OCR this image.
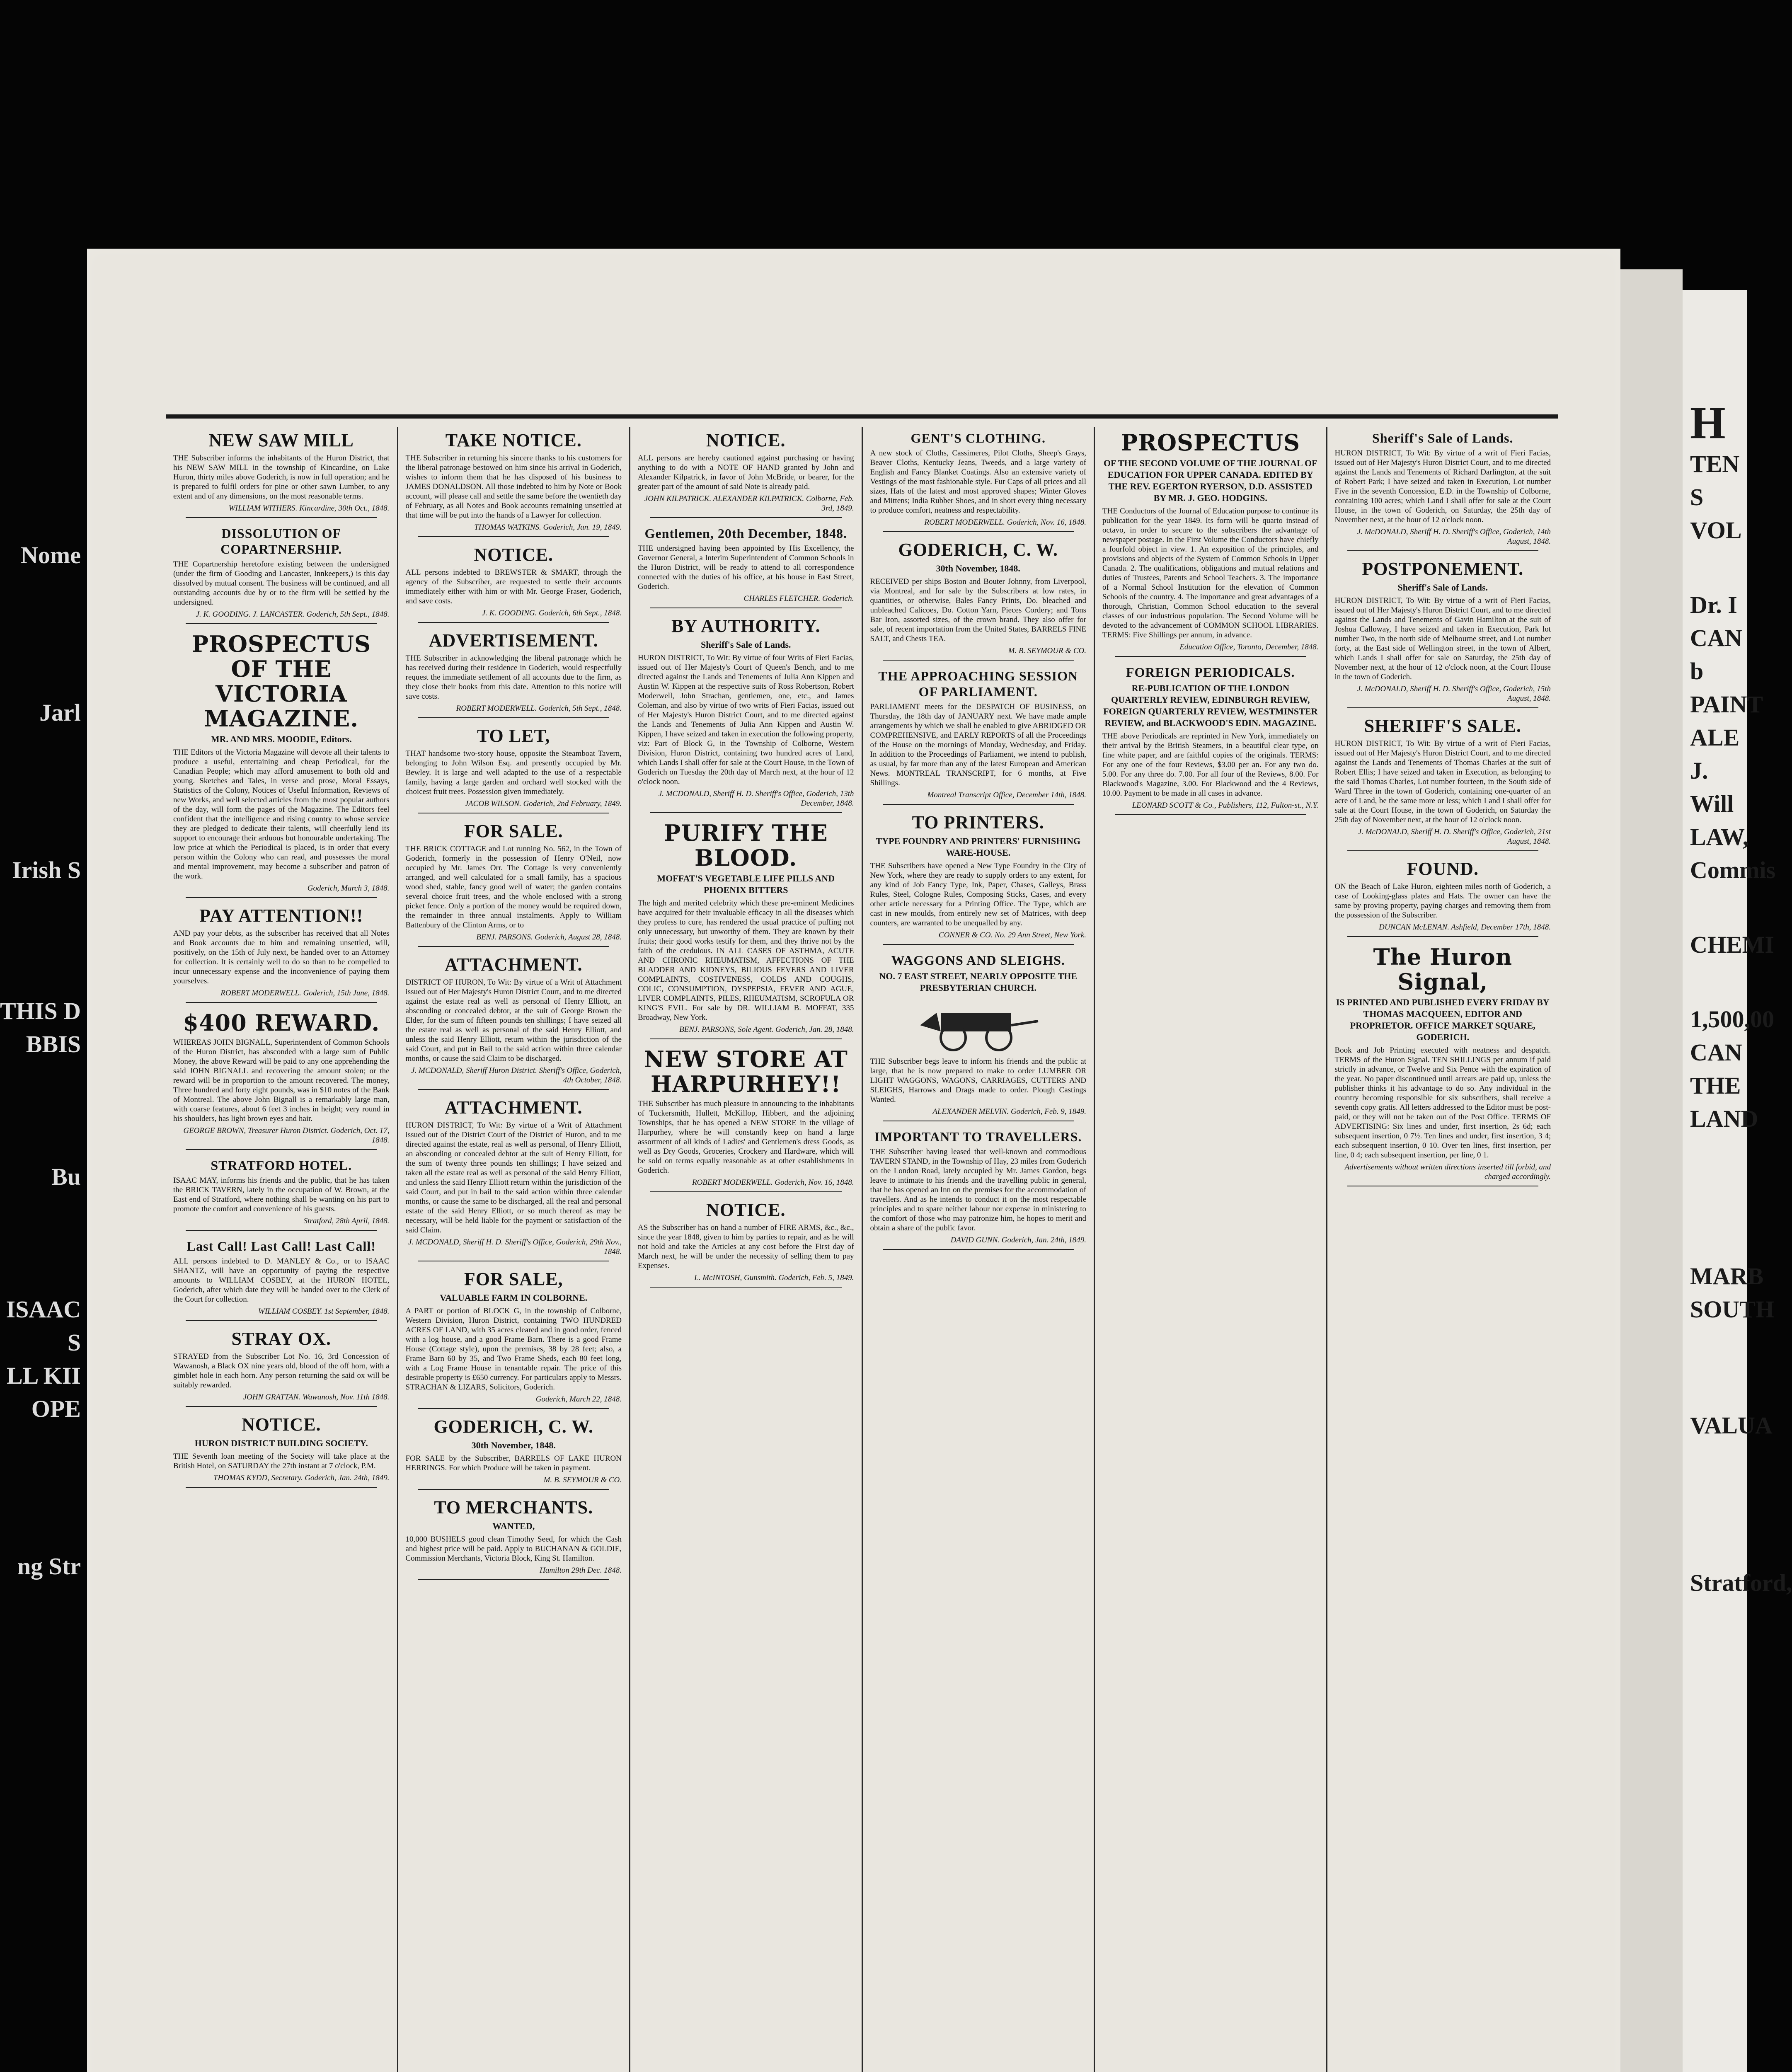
Nome
Jarl
Irish S
THIS D
BBIS
Bu
ISAAC S
LL KII
OPE
ng Str
H
TEN S
VOL
Dr. I
CAN b
PAINT
ALE
J.
Will
LAW,
Commis
CHEMI
1,500,00
CAN
THE
LAND
MARB
SOUTH
VALUA
Stratford,
NEW SAW MILL
THE Subscriber informs the inhabitants of the Huron District, that his NEW SAW MILL in the township of Kincardine, on Lake Huron, thirty miles above Goderich, is now in full operation; and he is prepared to fulfil orders for pine or other sawn Lumber, to any extent and of any dimensions, on the most reasonable terms.
WILLIAM WITHERS. Kincardine, 30th Oct., 1848.
DISSOLUTION OF COPARTNERSHIP.
THE Copartnership heretofore existing between the undersigned (under the firm of Gooding and Lancaster, Innkeepers,) is this day dissolved by mutual consent. The business will be continued, and all outstanding accounts due by or to the firm will be settled by the undersigned.
J. K. GOODING. J. LANCASTER. Goderich, 5th Sept., 1848.
PROSPECTUS OF THE VICTORIA MAGAZINE.
MR. AND MRS. MOODIE, Editors.
THE Editors of the Victoria Magazine will devote all their talents to produce a useful, entertaining and cheap Periodical, for the Canadian People; which may afford amusement to both old and young. Sketches and Tales, in verse and prose, Moral Essays, Statistics of the Colony, Notices of Useful Information, Reviews of new Works, and well selected articles from the most popular authors of the day, will form the pages of the Magazine. The Editors feel confident that the intelligence and rising country to whose service they are pledged to dedicate their talents, will cheerfully lend its support to encourage their arduous but honourable undertaking. The low price at which the Periodical is placed, is in order that every person within the Colony who can read, and possesses the moral and mental improvement, may become a subscriber and patron of the work.
Goderich, March 3, 1848.
PAY ATTENTION!!
AND pay your debts, as the subscriber has received that all Notes and Book accounts due to him and remaining unsettled, will, positively, on the 15th of July next, be handed over to an Attorney for collection. It is certainly well to do so than to be compelled to incur unnecessary expense and the inconvenience of paying them yourselves.
ROBERT MODERWELL. Goderich, 15th June, 1848.
$400 REWARD.
WHEREAS JOHN BIGNALL, Superintendent of Common Schools of the Huron District, has absconded with a large sum of Public Money, the above Reward will be paid to any one apprehending the said JOHN BIGNALL and recovering the amount stolen; or the reward will be in proportion to the amount recovered. The money, Three hundred and forty eight pounds, was in $10 notes of the Bank of Montreal. The above John Bignall is a remarkably large man, with coarse features, about 6 feet 3 inches in height; very round in his shoulders, has light brown eyes and hair.
GEORGE BROWN, Treasurer Huron District. Goderich, Oct. 17, 1848.
STRATFORD HOTEL.
ISAAC MAY, informs his friends and the public, that he has taken the BRICK TAVERN, lately in the occupation of W. Brown, at the East end of Stratford, where nothing shall be wanting on his part to promote the comfort and convenience of his guests.
Stratford, 28th April, 1848.
Last Call! Last Call! Last Call!
ALL persons indebted to D. MANLEY & Co., or to ISAAC SHANTZ, will have an opportunity of paying the respective amounts to WILLIAM COSBEY, at the HURON HOTEL, Goderich, after which date they will be handed over to the Clerk of the Court for collection.
WILLIAM COSBEY. 1st September, 1848.
STRAY OX.
STRAYED from the Subscriber Lot No. 16, 3rd Concession of Wawanosh, a Black OX nine years old, blood of the off horn, with a gimblet hole in each horn. Any person returning the said ox will be suitably rewarded.
JOHN GRATTAN. Wawanosh, Nov. 11th 1848.
NOTICE.
HURON DISTRICT BUILDING SOCIETY.
THE Seventh loan meeting of the Society will take place at the British Hotel, on SATURDAY the 27th instant at 7 o'clock, P.M.
THOMAS KYDD, Secretary. Goderich, Jan. 24th, 1849.
TAKE NOTICE.
THE Subscriber in returning his sincere thanks to his customers for the liberal patronage bestowed on him since his arrival in Goderich, wishes to inform them that he has disposed of his business to JAMES DONALDSON. All those indebted to him by Note or Book account, will please call and settle the same before the twentieth day of February, as all Notes and Book accounts remaining unsettled at that time will be put into the hands of a Lawyer for collection.
THOMAS WATKINS. Goderich, Jan. 19, 1849.
NOTICE.
ALL persons indebted to BREWSTER & SMART, through the agency of the Subscriber, are requested to settle their accounts immediately either with him or with Mr. George Fraser, Goderich, and save costs.
J. K. GOODING. Goderich, 6th Sept., 1848.
ADVERTISEMENT.
THE Subscriber in acknowledging the liberal patronage which he has received during their residence in Goderich, would respectfully request the immediate settlement of all accounts due to the firm, as they close their books from this date. Attention to this notice will save costs.
ROBERT MODERWELL. Goderich, 5th Sept., 1848.
TO LET,
THAT handsome two-story house, opposite the Steamboat Tavern, belonging to John Wilson Esq. and presently occupied by Mr. Bewley. It is large and well adapted to the use of a respectable family, having a large garden and orchard well stocked with the choicest fruit trees. Possession given immediately.
JACOB WILSON. Goderich, 2nd February, 1849.
FOR SALE.
THE BRICK COTTAGE and Lot running No. 562, in the Town of Goderich, formerly in the possession of Henry O'Neil, now occupied by Mr. James Orr. The Cottage is very conveniently arranged, and well calculated for a small family, has a spacious wood shed, stable, fancy good well of water; the garden contains several choice fruit trees, and the whole enclosed with a strong picket fence. Only a portion of the money would be required down, the remainder in three annual instalments. Apply to William Battenbury of the Clinton Arms, or to
BENJ. PARSONS. Goderich, August 28, 1848.
ATTACHMENT.
DISTRICT OF HURON, To Wit: By virtue of a Writ of Attachment issued out of Her Majesty's Huron District Court, and to me directed against the estate real as well as personal of Henry Elliott, an absconding or concealed debtor, at the suit of George Brown the Elder, for the sum of fifteen pounds ten shillings; I have seized all the estate real as well as personal of the said Henry Elliott, and unless the said Henry Elliott, return within the jurisdiction of the said Court, and put in Bail to the said action within three calendar months, or cause the said Claim to be discharged.
J. MCDONALD, Sheriff Huron District. Sheriff's Office, Goderich, 4th October, 1848.
ATTACHMENT.
HURON DISTRICT, To Wit: By virtue of a Writ of Attachment issued out of the District Court of the District of Huron, and to me directed against the estate, real as well as personal, of Henry Elliott, an absconding or concealed debtor at the suit of Henry Elliott, for the sum of twenty three pounds ten shillings; I have seized and taken all the estate real as well as personal of the said Henry Elliott, and unless the said Henry Elliott return within the jurisdiction of the said Court, and put in bail to the said action within three calendar months, or cause the same to be discharged, all the real and personal estate of the said Henry Elliott, or so much thereof as may be necessary, will be held liable for the payment or satisfaction of the said Claim.
J. MCDONALD, Sheriff H. D. Sheriff's Office, Goderich, 29th Nov., 1848.
FOR SALE,
VALUABLE FARM IN COLBORNE.
A PART or portion of BLOCK G, in the township of Colborne, Western Division, Huron District, containing TWO HUNDRED ACRES OF LAND, with 35 acres cleared and in good order, fenced with a log house, and a good Frame Barn. There is a good Frame House (Cottage style), upon the premises, 38 by 28 feet; also, a Frame Barn 60 by 35, and Two Frame Sheds, each 80 feet long, with a Log Frame House in tenantable repair. The price of this desirable property is £650 currency. For particulars apply to Messrs. STRACHAN & LIZARS, Solicitors, Goderich.
Goderich, March 22, 1848.
GODERICH, C. W.
30th November, 1848.
FOR SALE by the Subscriber, BARRELS OF LAKE HURON HERRINGS. For which Produce will be taken in payment.
M. B. SEYMOUR & CO.
TO MERCHANTS.
WANTED,
10,000 BUSHELS good clean Timothy Seed, for which the Cash and highest price will be paid. Apply to BUCHANAN & GOLDIE, Commission Merchants, Victoria Block, King St. Hamilton.
Hamilton 29th Dec. 1848.
NOTICE.
ALL persons are hereby cautioned against purchasing or having anything to do with a NOTE OF HAND granted by John and Alexander Kilpatrick, in favor of John McBride, or bearer, for the greater part of the amount of said Note is already paid.
JOHN KILPATRICK. ALEXANDER KILPATRICK. Colborne, Feb. 3rd, 1849.
Gentlemen, 20th December, 1848.
THE undersigned having been appointed by His Excellency, the Governor General, a Interim Superintendent of Common Schools in the Huron District, will be ready to attend to all correspondence connected with the duties of his office, at his house in East Street, Goderich.
CHARLES FLETCHER. Goderich.
BY AUTHORITY.
Sheriff's Sale of Lands.
HURON DISTRICT, To Wit: By virtue of four Writs of Fieri Facias, issued out of Her Majesty's Court of Queen's Bench, and to me directed against the Lands and Tenements of Julia Ann Kippen and Austin W. Kippen at the respective suits of Ross Robertson, Robert Moderwell, John Strachan, gentlemen, one, etc., and James Coleman, and also by virtue of two writs of Fieri Facias, issued out of Her Majesty's Huron District Court, and to me directed against the Lands and Tenements of Julia Ann Kippen and Austin W. Kippen, I have seized and taken in execution the following property, viz: Part of Block G, in the Township of Colborne, Western Division, Huron District, containing two hundred acres of Land, which Lands I shall offer for sale at the Court House, in the Town of Goderich on Tuesday the 20th day of March next, at the hour of 12 o'clock noon.
J. MCDONALD, Sheriff H. D. Sheriff's Office, Goderich, 13th December, 1848.
PURIFY THE BLOOD.
MOFFAT'S VEGETABLE LIFE PILLS AND PHOENIX BITTERS
The high and merited celebrity which these pre-eminent Medicines have acquired for their invaluable efficacy in all the diseases which they profess to cure, has rendered the usual practice of puffing not only unnecessary, but unworthy of them. They are known by their fruits; their good works testify for them, and they thrive not by the faith of the credulous. IN ALL CASES OF ASTHMA, ACUTE AND CHRONIC RHEUMATISM, AFFECTIONS OF THE BLADDER AND KIDNEYS, BILIOUS FEVERS AND LIVER COMPLAINTS, COSTIVENESS, COLDS AND COUGHS, COLIC, CONSUMPTION, DYSPEPSIA, FEVER AND AGUE, LIVER COMPLAINTS, PILES, RHEUMATISM, SCROFULA OR KING'S EVIL. For sale by DR. WILLIAM B. MOFFAT, 335 Broadway, New York.
BENJ. PARSONS, Sole Agent. Goderich, Jan. 28, 1848.
NEW STORE AT HARPURHEY!!
THE Subscriber has much pleasure in announcing to the inhabitants of Tuckersmith, Hullett, McKillop, Hibbert, and the adjoining Townships, that he has opened a NEW STORE in the village of Harpurhey, where he will constantly keep on hand a large assortment of all kinds of Ladies' and Gentlemen's dress Goods, as well as Dry Goods, Groceries, Crockery and Hardware, which will be sold on terms equally reasonable as at other establishments in Goderich.
ROBERT MODERWELL. Goderich, Nov. 16, 1848.
NOTICE.
AS the Subscriber has on hand a number of FIRE ARMS, &c., &c., since the year 1848, given to him by parties to repair, and as he will not hold and take the Articles at any cost before the First day of March next, he will be under the necessity of selling them to pay Expenses.
L. McINTOSH, Gunsmith. Goderich, Feb. 5, 1849.
GENT'S CLOTHING.
A new stock of Cloths, Cassimeres, Pilot Cloths, Sheep's Grays, Beaver Cloths, Kentucky Jeans, Tweeds, and a large variety of English and Fancy Blanket Coatings. Also an extensive variety of Vestings of the most fashionable style. Fur Caps of all prices and all sizes, Hats of the latest and most approved shapes; Winter Gloves and Mittens; India Rubber Shoes, and in short every thing necessary to produce comfort, neatness and respectability.
ROBERT MODERWELL. Goderich, Nov. 16, 1848.
GODERICH, C. W.
30th November, 1848.
RECEIVED per ships Boston and Bouter Johnny, from Liverpool, via Montreal, and for sale by the Subscribers at low rates, in quantities, or otherwise, Bales Fancy Prints, Do. bleached and unbleached Calicoes, Do. Cotton Yarn, Pieces Cordery; and Tons Bar Iron, assorted sizes, of the crown brand. They also offer for sale, of recent importation from the United States, BARRELS FINE SALT, and Chests TEA.
M. B. SEYMOUR & CO.
THE APPROACHING SESSION OF PARLIAMENT.
PARLIAMENT meets for the DESPATCH OF BUSINESS, on Thursday, the 18th day of JANUARY next. We have made ample arrangements by which we shall be enabled to give ABRIDGED OR COMPREHENSIVE, and EARLY REPORTS of all the Proceedings of the House on the mornings of Monday, Wednesday, and Friday. In addition to the Proceedings of Parliament, we intend to publish, as usual, by far more than any of the latest European and American News. MONTREAL TRANSCRIPT, for 6 months, at Five Shillings.
Montreal Transcript Office, December 14th, 1848.
TO PRINTERS.
TYPE FOUNDRY AND PRINTERS' FURNISHING WARE-HOUSE.
THE Subscribers have opened a New Type Foundry in the City of New York, where they are ready to supply orders to any extent, for any kind of Job Fancy Type, Ink, Paper, Chases, Galleys, Brass Rules, Steel, Cologne Rules, Composing Sticks, Cases, and every other article necessary for a Printing Office. The Type, which are cast in new moulds, from entirely new set of Matrices, with deep counters, are warranted to be unequalled by any.
CONNER & CO. No. 29 Ann Street, New York.
WAGGONS AND SLEIGHS.
NO. 7 EAST STREET, NEARLY OPPOSITE THE PRESBYTERIAN CHURCH.
THE Subscriber begs leave to inform his friends and the public at large, that he is now prepared to make to order LUMBER OR LIGHT WAGGONS, WAGONS, CARRIAGES, CUTTERS AND SLEIGHS, Harrows and Drags made to order. Plough Castings Wanted.
ALEXANDER MELVIN. Goderich, Feb. 9, 1849.
IMPORTANT TO TRAVELLERS.
THE Subscriber having leased that well-known and commodious TAVERN STAND, in the Township of Hay, 23 miles from Goderich on the London Road, lately occupied by Mr. James Gordon, begs leave to intimate to his friends and the travelling public in general, that he has opened an Inn on the premises for the accommodation of travellers. And as he intends to conduct it on the most respectable principles and to spare neither labour nor expense in ministering to the comfort of those who may patronize him, he hopes to merit and obtain a share of the public favor.
DAVID GUNN. Goderich, Jan. 24th, 1849.
PROSPECTUS
OF THE SECOND VOLUME OF THE JOURNAL OF EDUCATION FOR UPPER CANADA. EDITED BY THE REV. EGERTON RYERSON, D.D. ASSISTED BY MR. J. GEO. HODGINS.
THE Conductors of the Journal of Education purpose to continue its publication for the year 1849. Its form will be quarto instead of octavo, in order to secure to the subscribers the advantage of newspaper postage. In the First Volume the Conductors have chiefly a fourfold object in view. 1. An exposition of the principles, and provisions and objects of the System of Common Schools in Upper Canada. 2. The qualifications, obligations and mutual relations and duties of Trustees, Parents and School Teachers. 3. The importance of a Normal School Institution for the elevation of Common Schools of the country. 4. The importance and great advantages of a thorough, Christian, Common School education to the several classes of our industrious population. The Second Volume will be devoted to the advancement of COMMON SCHOOL LIBRARIES. TERMS: Five Shillings per annum, in advance.
Education Office, Toronto, December, 1848.
FOREIGN PERIODICALS.
RE-PUBLICATION OF THE LONDON QUARTERLY REVIEW, EDINBURGH REVIEW, FOREIGN QUARTERLY REVIEW, WESTMINSTER REVIEW, and BLACKWOOD'S EDIN. MAGAZINE.
THE above Periodicals are reprinted in New York, immediately on their arrival by the British Steamers, in a beautiful clear type, on fine white paper, and are faithful copies of the originals. TERMS: For any one of the four Reviews, $3.00 per an. For any two do. 5.00. For any three do. 7.00. For all four of the Reviews, 8.00. For Blackwood's Magazine, 3.00. For Blackwood and the 4 Reviews, 10.00. Payment to be made in all cases in advance.
LEONARD SCOTT & Co., Publishers, 112, Fulton-st., N.Y.
Sheriff's Sale of Lands.
HURON DISTRICT, To Wit: By virtue of a writ of Fieri Facias, issued out of Her Majesty's Huron District Court, and to me directed against the Lands and Tenements of Richard Darlington, at the suit of Robert Park; I have seized and taken in Execution, Lot number Five in the seventh Concession, E.D. in the Township of Colborne, containing 100 acres; which Land I shall offer for sale at the Court House, in the town of Goderich, on Saturday, the 25th day of November next, at the hour of 12 o'clock noon.
J. McDONALD, Sheriff H. D. Sheriff's Office, Goderich, 14th August, 1848.
POSTPONEMENT.
Sheriff's Sale of Lands.
HURON DISTRICT, To Wit: By virtue of a writ of Fieri Facias, issued out of Her Majesty's Huron District Court, and to me directed against the Lands and Tenements of Gavin Hamilton at the suit of Joshua Calloway, I have seized and taken in Execution, Park lot number Two, in the north side of Melbourne street, and Lot number forty, at the East side of Wellington street, in the town of Albert, which Lands I shall offer for sale on Saturday, the 25th day of November next, at the hour of 12 o'clock noon, at the Court House in the town of Goderich.
J. McDONALD, Sheriff H. D. Sheriff's Office, Goderich, 15th August, 1848.
SHERIFF'S SALE.
HURON DISTRICT, To Wit: By virtue of a writ of Fieri Facias, issued out of Her Majesty's Huron District Court, and to me directed against the Lands and Tenements of Thomas Charles at the suit of Robert Ellis; I have seized and taken in Execution, as belonging to the said Thomas Charles, Lot number fourteen, in the South side of Ward Three in the town of Goderich, containing one-quarter of an acre of Land, be the same more or less; which Land I shall offer for sale at the Court House, in the town of Goderich, on Saturday the 25th day of November next, at the hour of 12 o'clock noon.
J. McDONALD, Sheriff H. D. Sheriff's Office, Goderich, 21st August, 1848.
FOUND.
ON the Beach of Lake Huron, eighteen miles north of Goderich, a case of Looking-glass plates and Hats. The owner can have the same by proving property, paying charges and removing them from the possession of the Subscriber.
DUNCAN McLENAN. Ashfield, December 17th, 1848.
The Huron Signal,
IS PRINTED AND PUBLISHED EVERY FRIDAY BY THOMAS MACQUEEN, EDITOR AND PROPRIETOR. OFFICE MARKET SQUARE, GODERICH.
Book and Job Printing executed with neatness and despatch. TERMS of the Huron Signal. TEN SHILLINGS per annum if paid strictly in advance, or Twelve and Six Pence with the expiration of the year. No paper discontinued until arrears are paid up, unless the publisher thinks it his advantage to do so. Any individual in the country becoming responsible for six subscribers, shall receive a seventh copy gratis. All letters addressed to the Editor must be post-paid, or they will not be taken out of the Post Office. TERMS OF ADVERTISING: Six lines and under, first insertion, 2s 6d; each subsequent insertion, 0 7½. Ten lines and under, first insertion, 3 4; each subsequent insertion, 0 10. Over ten lines, first insertion, per line, 0 4; each subsequent insertion, per line, 0 1.
Advertisements without written directions inserted till forbid, and charged accordingly.
